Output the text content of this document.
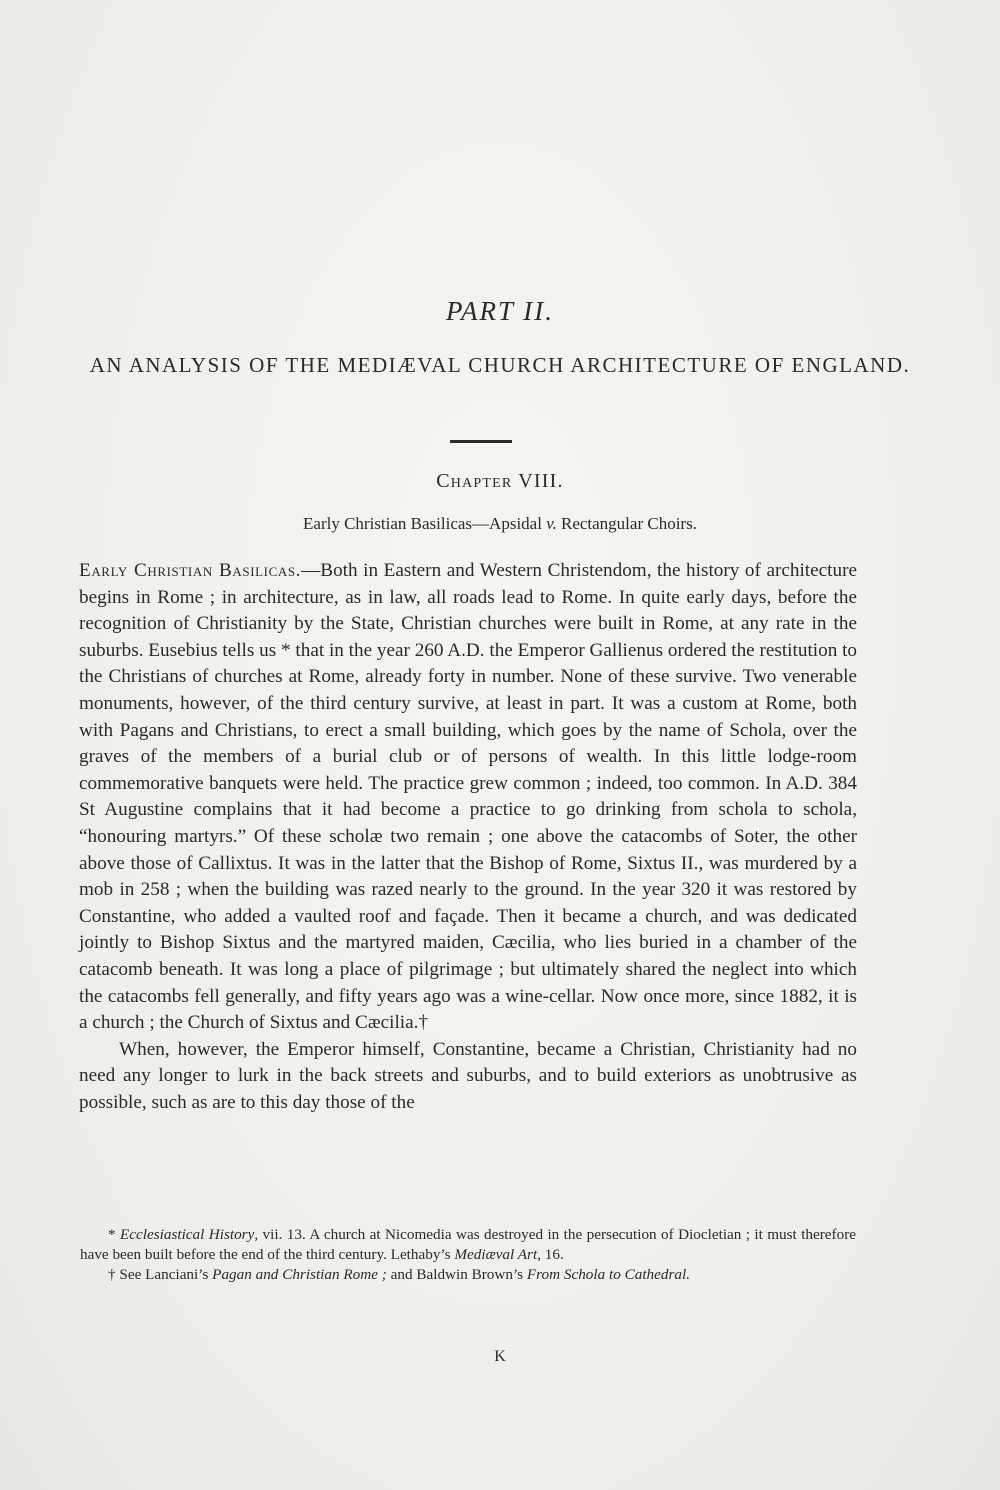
PART II.
AN ANALYSIS OF THE MEDIÆVAL CHURCH ARCHITECTURE OF ENGLAND.
Chapter VIII.
Early Christian Basilicas—Apsidal v. Rectangular Choirs.

Early Christian Basilicas.—Both in Eastern and Western Christendom, the history of architecture begins in Rome ; in architecture, as in law, all roads lead to Rome. In quite early days, before the recognition of Christianity by the State, Christian churches were built in Rome, at any rate in the suburbs. Eusebius tells us * that in the year 260 A.D. the Emperor Gallienus ordered the restitution to the Christians of churches at Rome, already forty in number. None of these survive. Two venerable monuments, however, of the third century survive, at least in part. It was a custom at Rome, both with Pagans and Christians, to erect a small building, which goes by the name of Schola, over the graves of the members of a burial club or of persons of wealth. In this little lodge-room commemorative banquets were held. The practice grew common ; indeed, too common. In A.D. 384 St Augustine complains that it had become a practice to go drinking from schola to schola, “honouring martyrs.” Of these scholæ two remain ; one above the catacombs of Soter, the other above those of Callixtus. It was in the latter that the Bishop of Rome, Sixtus II., was murdered by a mob in 258 ; when the building was razed nearly to the ground. In the year 320 it was restored by Constantine, who added a vaulted roof and façade. Then it became a church, and was dedicated jointly to Bishop Sixtus and the martyred maiden, Cæcilia, who lies buried in a chamber of the catacomb beneath. It was long a place of pilgrimage ; but ultimately shared the neglect into which the catacombs fell generally, and fifty years ago was a wine-cellar. Now once more, since 1882, it is a church ; the Church of Sixtus and Cæcilia.†

When, however, the Emperor himself, Constantine, became a Christian, Christianity had no need any longer to lurk in the back streets and suburbs, and to build exteriors as unobtrusive as possible, such as are to this day those of the

* Ecclesiastical History, vii. 13. A church at Nicomedia was destroyed in the persecution of Diocletian ; it must therefore have been built before the end of the third century. Lethaby’s Mediæval Art, 16.

† See Lanciani’s Pagan and Christian Rome ; and Baldwin Brown’s From Schola to Cathedral.

K
